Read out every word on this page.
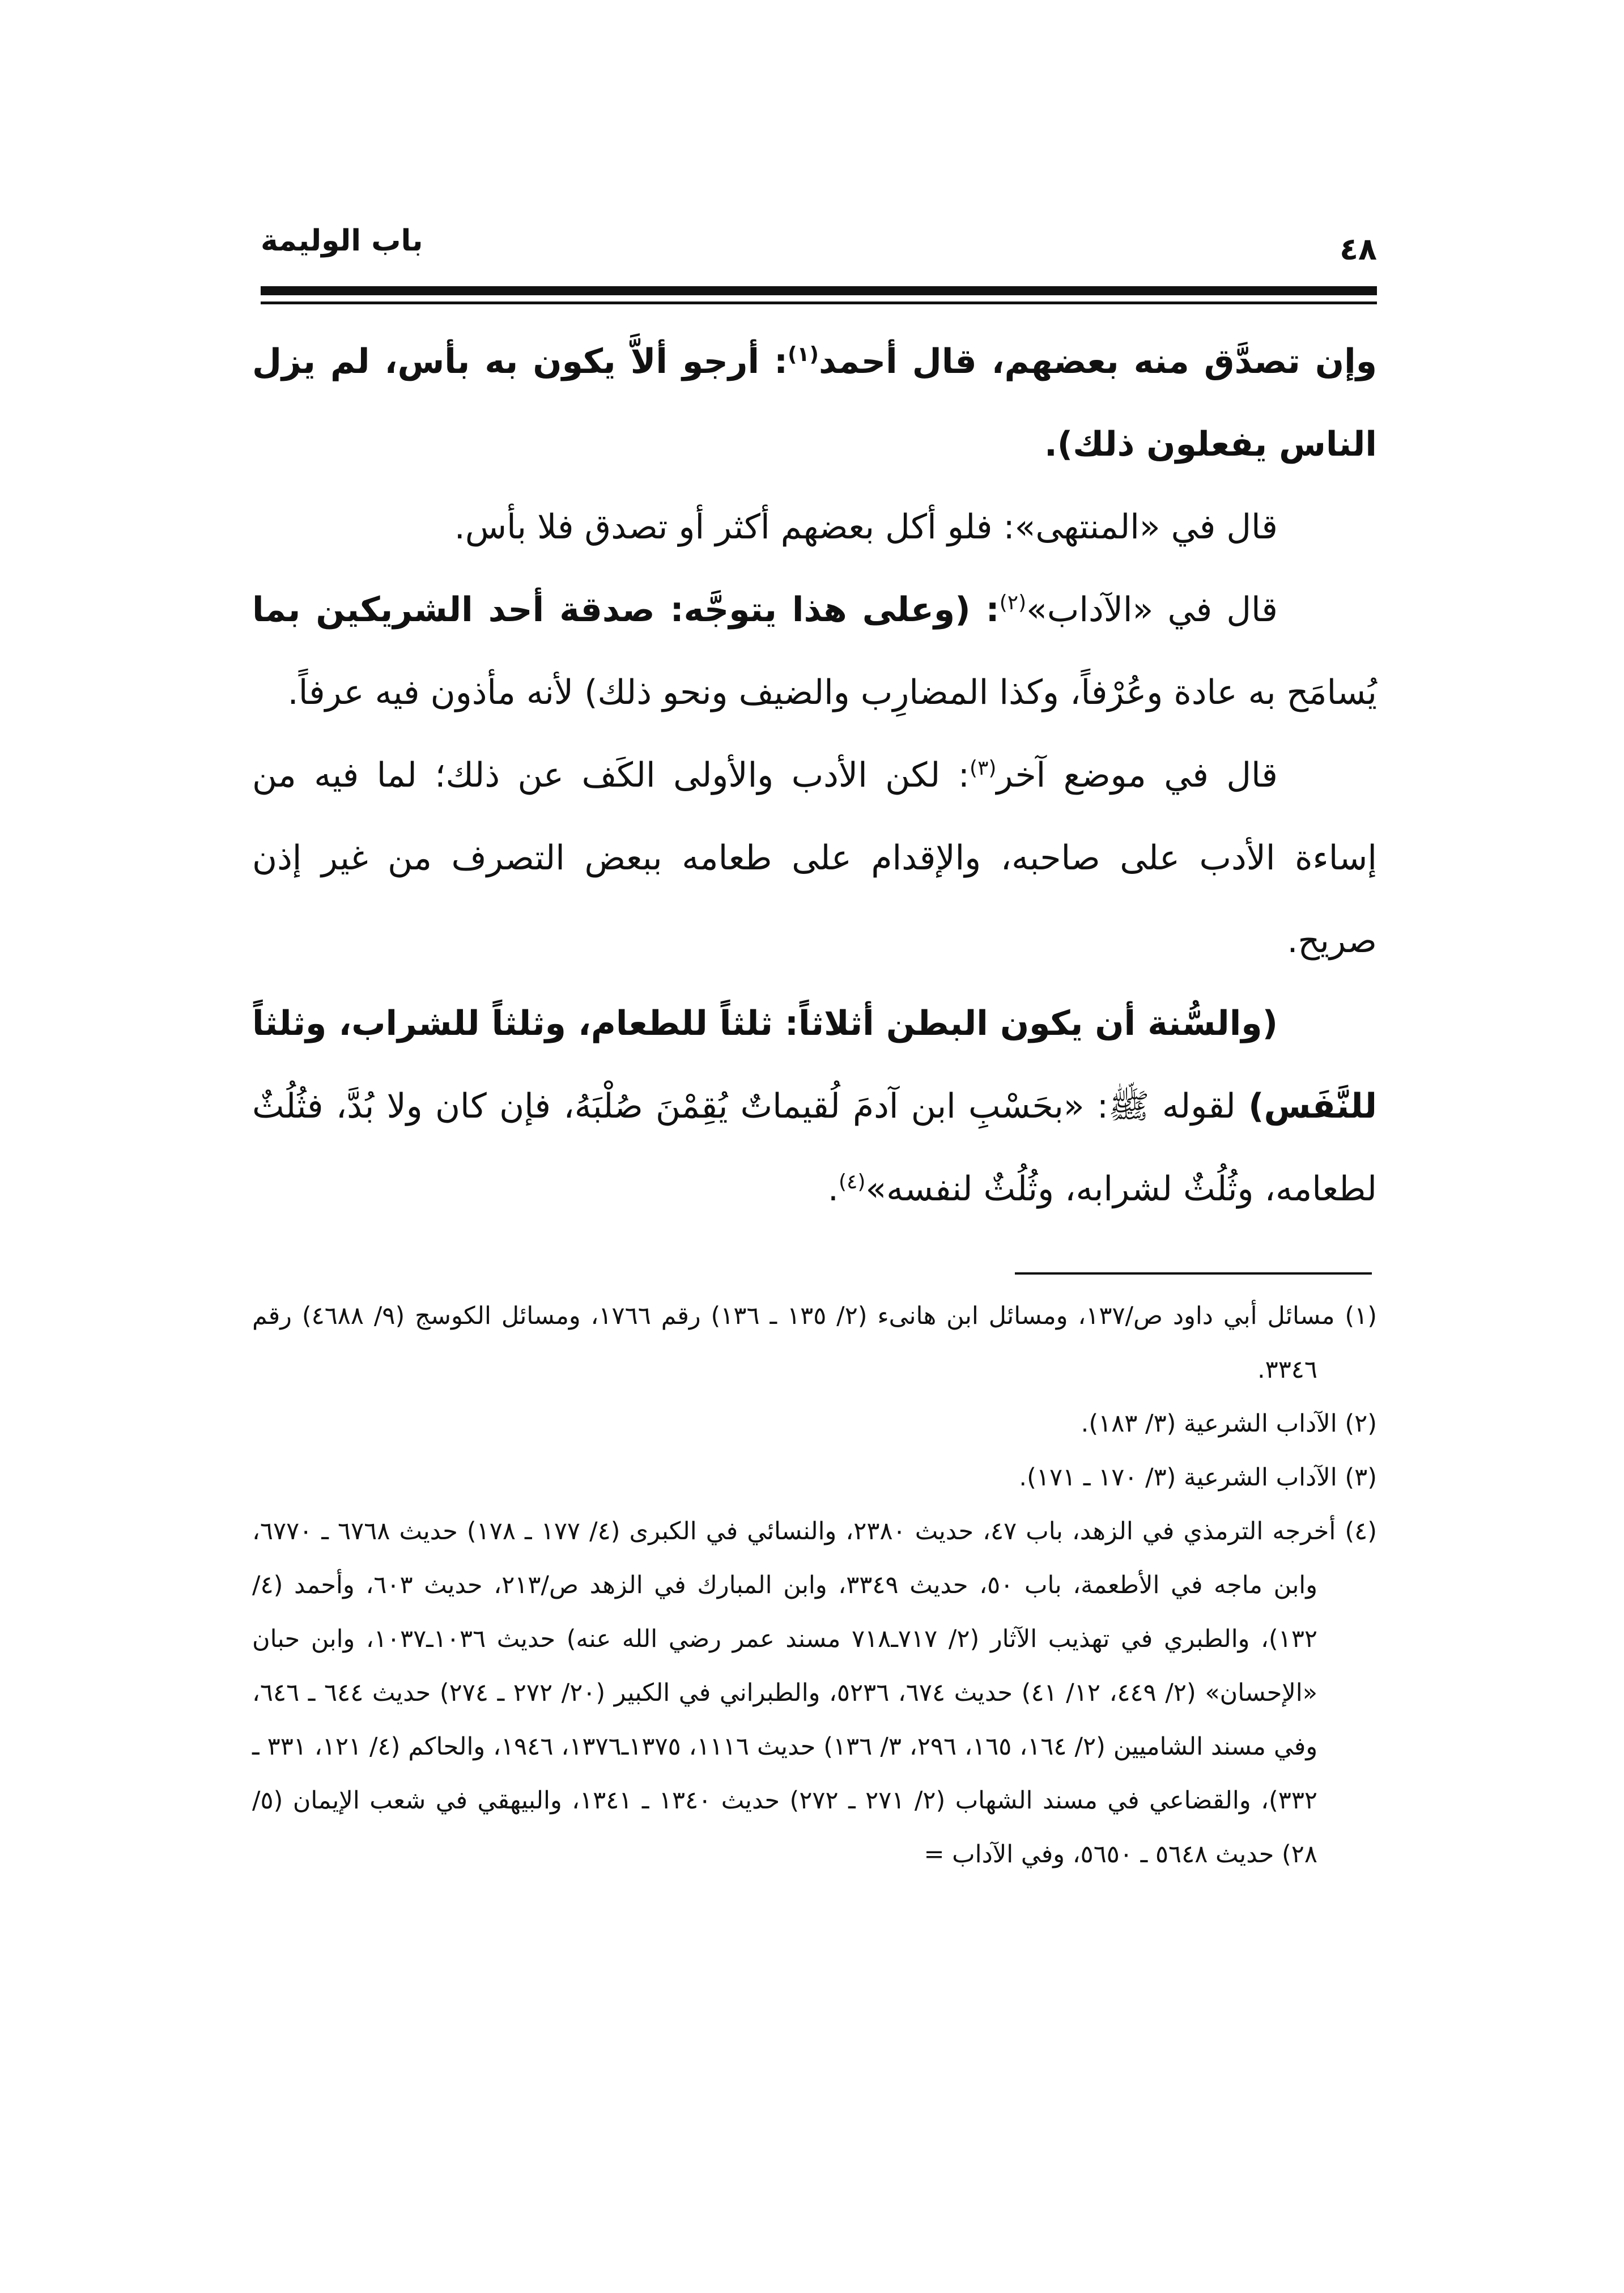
باب الوليمة	٤٨

وإن تصدَّق منه بعضهم، قال أحمد$^{(١)}$: أرجو ألاَّ يكون به بأس، لم يزل الناس يفعلون ذلك).

قال في «المنتهى»: فلو أكل بعضهم أكثر أو تصدق فلا بأس.

قال في «الآداب»$^{(٢)}$: (وعلى هذا يتوجَّه: صدقة أحد الشريكين بما يُسامَح به عادة وعُرْفاً، وكذا المضارِب والضيف ونحو ذلك) لأنه مأذون فيه عرفاً.

قال في موضع آخر$^{(٣)}$: لكن الأدب والأولى الكَف عن ذلك؛ لما فيه من إساءة الأدب على صاحبه، والإقدام على طعامه ببعض التصرف من غير إذن صريح.

(والسُّنة أن يكون البطن أثلاثاً: ثلثاً للطعام، وثلثاً للشراب، وثلثاً للنَّفَس) لقوله ﷺ: «بحَسْبِ ابن آدمَ لُقيماتٌ يُقِمْنَ صُلْبَهُ، فإن كان ولا بُدَّ، فثُلُثٌ لطعامه، وثُلُثٌ لشرابه، وثُلُثٌ لنفسه»$^{(٤)}$.

(١) مسائل أبي داود ص/١٣٧، ومسائل ابن هانىء (٢/ ١٣٥ ـ ١٣٦) رقم ١٧٦٦، ومسائل الكوسج (٩/ ٤٦٨٨) رقم ٣٣٤٦.
(٢) الآداب الشرعية (٣/ ١٨٣).
(٣) الآداب الشرعية (٣/ ١٧٠ ـ ١٧١).
(٤) أخرجه الترمذي في الزهد، باب ٤٧، حديث ٢٣٨٠، والنسائي في الكبرى (٤/ ١٧٧ ـ ١٧٨) حديث ٦٧٦٨ ـ ٦٧٧٠، وابن ماجه في الأطعمة، باب ٥٠، حديث ٣٣٤٩، وابن المبارك في الزهد ص/٢١٣، حديث ٦٠٣، وأحمد (٤/ ١٣٢)، والطبري في تهذيب الآثار (٢/ ٧١٧ـ٧١٨ مسند عمر رضي الله عنه) حديث ١٠٣٦ـ١٠٣٧، وابن حبان «الإحسان» (٢/ ٤٤٩، ١٢/ ٤١) حديث ٦٧٤، ٥٢٣٦، والطبراني في الكبير (٢٠/ ٢٧٢ ـ ٢٧٤) حديث ٦٤٤ ـ ٦٤٦، وفي مسند الشاميين (٢/ ١٦٤، ١٦٥، ٢٩٦، ٣/ ١٣٦) حديث ١١١٦، ١٣٧٥ـ١٣٧٦، ١٩٤٦، والحاكم (٤/ ١٢١، ٣٣١ ـ ٣٣٢)، والقضاعي في مسند الشهاب (٢/ ٢٧١ ـ ٢٧٢) حديث ١٣٤٠ ـ ١٣٤١، والبيهقي في شعب الإيمان (٥/ ٢٨) حديث ٥٦٤٨ ـ ٥٦٥٠، وفي الآداب =
